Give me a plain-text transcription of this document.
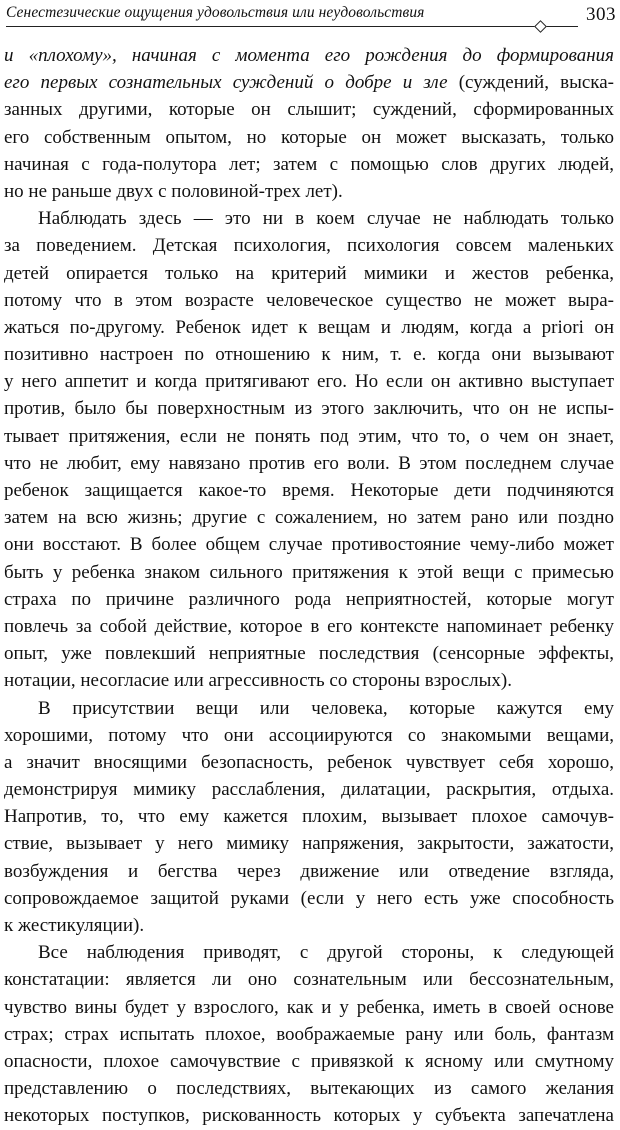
Сенестезические ощущения удовольствия или неудовольствия	303
и «плохому», начиная с момента его рождения до формирования
его первых сознательных суждений о добре и зле (суждений, выска-
занных другими, которые он слышит; суждений, сформированных
его собственным опытом, но которые он может высказать, только
начиная с года-полутора лет; затем с помощью слов других людей,
но не раньше двух с половиной-трех лет).
Наблюдать здесь — это ни в коем случае не наблюдать только
за поведением. Детская психология, психология совсем маленьких
детей опирается только на критерий мимики и жестов ребенка,
потому что в этом возрасте человеческое существо не может выра-
жаться по-другому. Ребенок идет к вещам и людям, когда а priori он
позитивно настроен по отношению к ним, т. е. когда они вызывают
у него аппетит и когда притягивают его. Но если он активно выступает
против, было бы поверхностным из этого заключить, что он не испы-
тывает притяжения, если не понять под этим, что то, о чем он знает,
что не любит, ему навязано против его воли. В этом последнем случае
ребенок защищается какое-то время. Некоторые дети подчиняются
затем на всю жизнь; другие с сожалением, но затем рано или поздно
они восстают. В более общем случае противостояние чему-либо может
быть у ребенка знаком сильного притяжения к этой вещи с примесью
страха по причине различного рода неприятностей, которые могут
повлечь за собой действие, которое в его контексте напоминает ребенку
опыт, уже повлекший неприятные последствия (сенсорные эффекты,
нотации, несогласие или агрессивность со стороны взрослых).
В присутствии вещи или человека, которые кажутся ему
хорошими, потому что они ассоциируются со знакомыми вещами,
а значит вносящими безопасность, ребенок чувствует себя хорошо,
демонстрируя мимику расслабления, дилатации, раскрытия, отдыха.
Напротив, то, что ему кажется плохим, вызывает плохое самочув-
ствие, вызывает у него мимику напряжения, закрытости, зажатости,
возбуждения и бегства через движение или отведение взгляда,
сопровождаемое защитой руками (если у него есть уже способность
к жестикуляции).
Все наблюдения приводят, с другой стороны, к следующей
констатации: является ли оно сознательным или бессознательным,
чувство вины будет у взрослого, как и у ребенка, иметь в своей основе
страх; страх испытать плохое, воображаемые рану или боль, фантазм
опасности, плохое самочувствие с привязкой к ясному или смутному
представлению о последствиях, вытекающих из самого желания
некоторых поступков, рискованность которых у субъекта запечатлена
